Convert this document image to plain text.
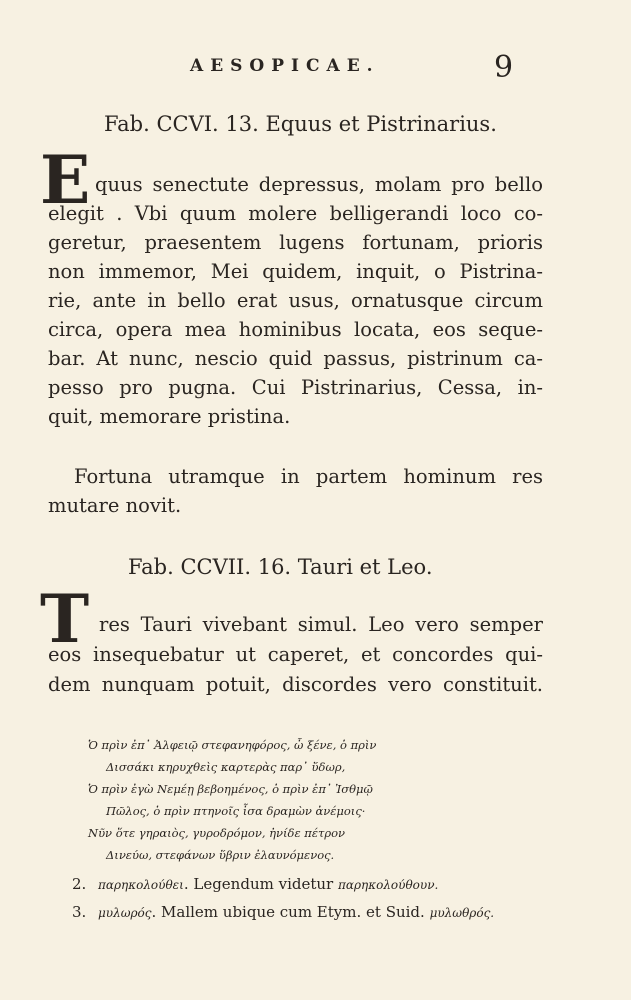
AESOPICAE.	9
Fab. CCVI. 13. Equus et Pistrinarius.
E quus senectute depressus, molam pro bello
elegit . Vbi quum molere belligerandi loco co-
geretur, praesentem lugens fortunam, prioris
non immemor, Mei quidem, inquit, o Pistrina-
rie, ante in bello erat usus, ornatusque circum
circa, opera mea hominibus locata, eos seque-
bar. At nunc, nescio quid passus, pistrinum ca-
pesso pro pugna. Cui Pistrinarius, Cessa, in-
quit, memorare pristina.
Fortuna utramque in partem hominum res
mutare novit.
Fab. CCVII. 16. Tauri et Leo.
T res Tauri vivebant simul. Leo vero semper
eos insequebatur ut caperet, et concordes qui-
dem nunquam potuit, discordes vero constituit.
Ὁ πρὶν ἐπ᾽ Ἀλφειῷ στεφανηφόρος, ὦ ξένε, ὁ πρὶν
Δισσάκι κηρυχθεὶς καρτερὰς παρ᾽ ὕδωρ,
Ὁ πρὶν ἐγὼ Νεμέῃ βεβοημένος, ὁ πρὶν ἐπ᾽ Ἰσθμῷ
Πῶλος, ὁ πρὶν πτηνοῖς ἶσα δραμὼν ἀνέμοις·
Νῦν ὅτε γηραιὸς, γυροδρόμον, ἠνίδε πέτρον
Δινεύω, στεφάνων ὕβριν ἐλαυνόμενος.
2. παρηκολούθει. Legendum videtur παρηκολούθουν.
3. μυλωρός. Mallem ubique cum Etym. et Suid. μυλωθρός.
